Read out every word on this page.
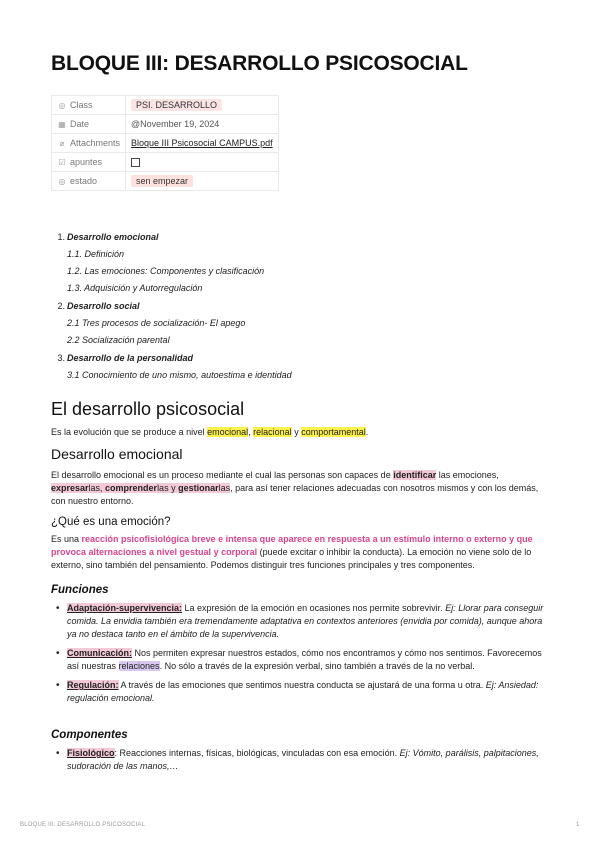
BLOQUE III: DESARROLLO PSICOSOCIAL
◎ Class	PSI. DESARROLLO
▦ Date	@November 19, 2024
⌀ Attachments	Bloque III Psicosocial CAMPUS.pdf
☑ apuntes	
◎ estado	sen empezar
1. Desarrollo emocional
1.1. Definición
1.2. Las emociones: Componentes y clasificación
1.3. Adquisición y Autorregulación
2. Desarrollo social
2.1 Tres procesos de socialización- El apego
2.2 Socialización parental
3. Desarrollo de la personalidad
3.1 Conocimiento de uno mismo, autoestima e identidad
El desarrollo psicosocial

Es la evolución que se produce a nivel emocional, relacional y comportamental.

Desarrollo emocional

El desarrollo emocional es un proceso mediante el cual las personas son capaces de identificar las emociones, expresarlas, comprenderlas y gestionarlas, para así tener relaciones adecuadas con nosotros mismos y con los demás, con nuestro entorno.

¿Qué es una emoción?

Es una reacción psicofisiológica breve e intensa que aparece en respuesta a un estímulo interno o externo y que provoca alternaciones a nivel gestual y corporal (puede excitar o inhibir la conducta). La emoción no viene solo de lo externo, sino también del pensamiento. Podemos distinguir tres funciones principales y tres componentes.

Funciones
• Adaptación-supervivencia: La expresión de la emoción en ocasiones nos permite sobrevivir. Ej: Llorar para conseguir comida. La envidia también era tremendamente adaptativa en contextos anteriores (envidia por comida), aunque ahora ya no destaca tanto en el ámbito de la supervivencia.
• Comunicación: Nos permiten expresar nuestros estados, cómo nos encontramos y cómo nos sentimos. Favorecemos así nuestras relaciones. No sólo a través de la expresión verbal, sino también a través de la no verbal.
• Regulación: A través de las emociones que sentimos nuestra conducta se ajustará de una forma u otra. Ej: Ansiedad: regulación emocional.
Componentes
• Fisiológico: Reacciones internas, físicas, biológicas, vinculadas con esa emoción. Ej: Vómito, parálisis, palpitaciones, sudoración de las manos,…
BLOQUE III: DESARROLLO PSICOSOCIAL	1
